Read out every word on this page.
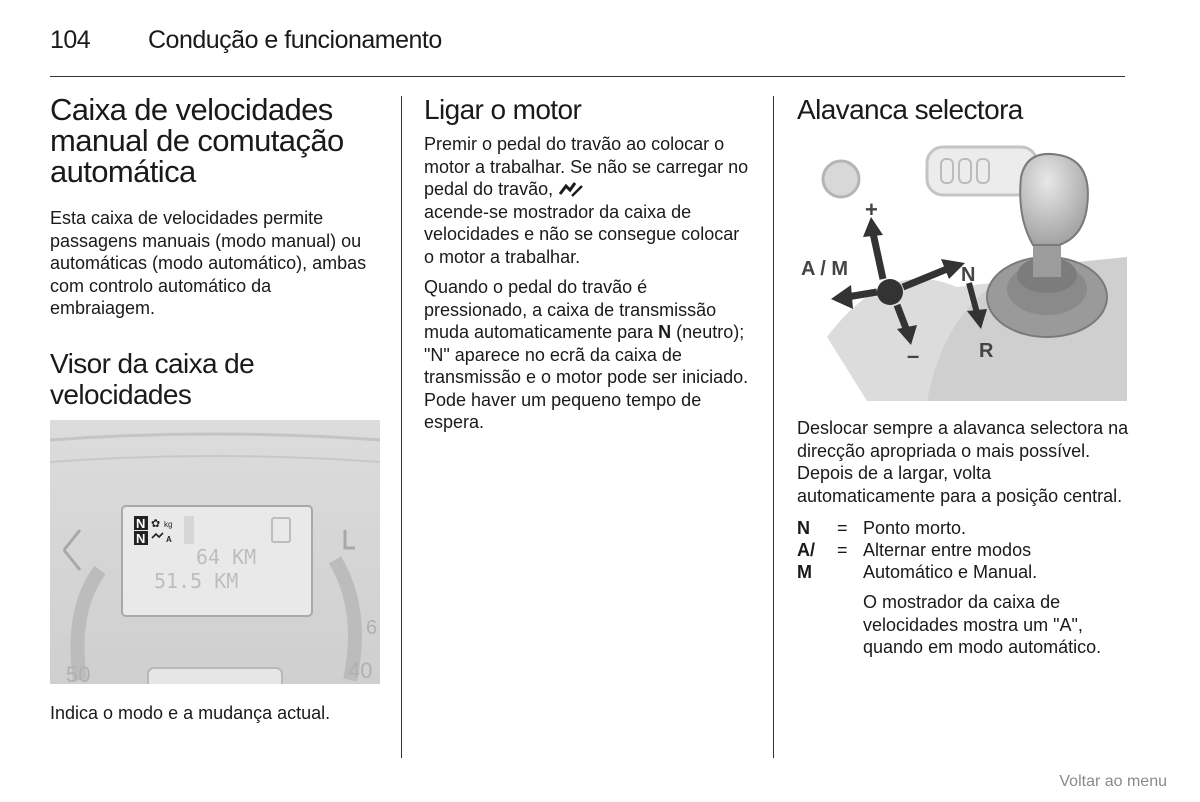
104 Condução e funcionamento
Caixa de velocidades manual de comutação automática

Esta caixa de velocidades permite passagens manuais (modo manual) ou automáticas (modo automático), ambas com controlo automático da embraiagem.

Visor da caixa de velocidades
50	40
6
N
N
✿ kg
A
64 KM
51.5 KM

Indica o modo e a mudança actual.

Ligar o motor

Premir o pedal do travão ao colocar o motor a trabalhar. Se não se carregar no pedal do travão,
acende-se mostrador da caixa de velocidades e não se consegue colocar o motor a trabalhar.

Quando o pedal do travão é pressionado, a caixa de transmissão muda automaticamente para N (neutro); "N" aparece no ecrã da caixa de transmissão e o motor pode ser iniciado. Pode haver um pequeno tempo de espera.

Alavanca selectora
+
–
A / M	N
R

Deslocar sempre a alavanca selectora na direcção apropriada o mais possível. Depois de a largar, volta automaticamente para a posição central.

N	= Ponto morto.
A/	= Alternar entre modos
M	Automático e Manual.

O mostrador da caixa de velocidades mostra um "A", quando em modo automático.

Voltar ao menu
